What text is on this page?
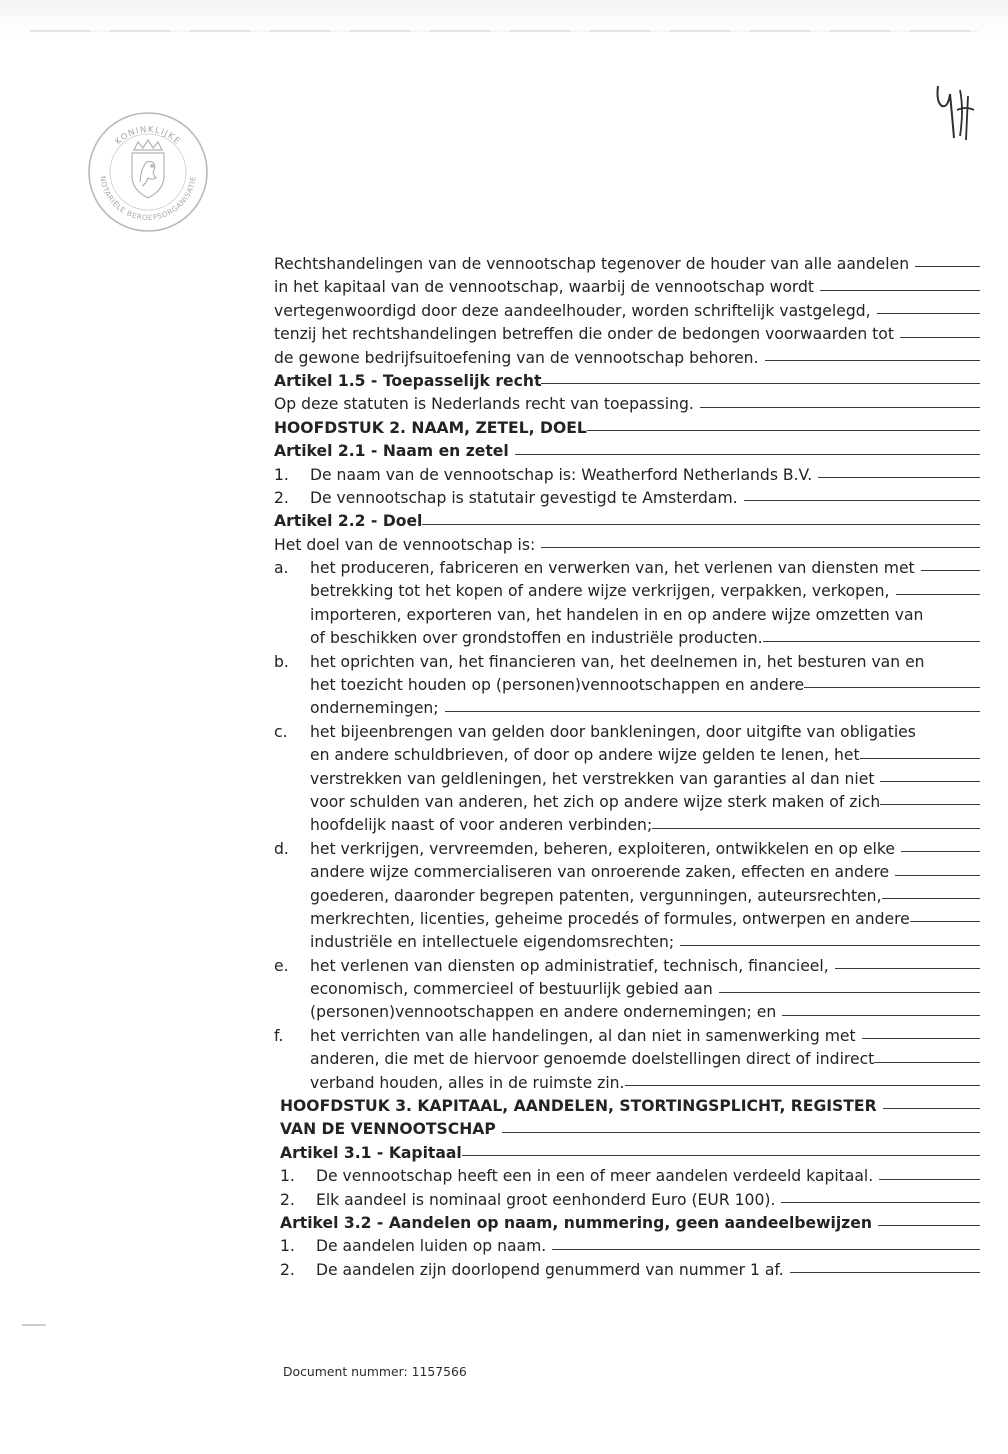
KONINKLIJKE
NOTARIËLE BEROEPSORGANISATIE
Rechtshandelingen van de vennootschap tegenover de houder van alle aandelen
in het kapitaal van de vennootschap, waarbij de vennootschap wordt
vertegenwoordigd door deze aandeelhouder, worden schriftelijk vastgelegd,
tenzij het rechtshandelingen betreffen die onder de bedongen voorwaarden tot
de gewone bedrijfsuitoefening van de vennootschap behoren.
Artikel 1.5 - Toepasselijk recht
Op deze statuten is Nederlands recht van toepassing.
HOOFDSTUK 2. NAAM, ZETEL, DOEL
Artikel 2.1 - Naam en zetel
1.	De naam van de vennootschap is: Weatherford Netherlands B.V.
2.	De vennootschap is statutair gevestigd te Amsterdam.
Artikel 2.2 - Doel
Het doel van de vennootschap is:
a.	het produceren, fabriceren en verwerken van, het verlenen van diensten met
betrekking tot het kopen of andere wijze verkrijgen, verpakken, verkopen,
importeren, exporteren van, het handelen in en op andere wijze omzetten van
of beschikken over grondstoffen en industriële producten.
b.	het oprichten van, het financieren van, het deelnemen in, het besturen van en
het toezicht houden op (personen)vennootschappen en andere
ondernemingen;
c.	het bijeenbrengen van gelden door bankleningen, door uitgifte van obligaties
en andere schuldbrieven, of door op andere wijze gelden te lenen, het
verstrekken van geldleningen, het verstrekken van garanties al dan niet
voor schulden van anderen, het zich op andere wijze sterk maken of zich
hoofdelijk naast of voor anderen verbinden;
d.	het verkrijgen, vervreemden, beheren, exploiteren, ontwikkelen en op elke
andere wijze commercialiseren van onroerende zaken, effecten en andere
goederen, daaronder begrepen patenten, vergunningen, auteursrechten,
merkrechten, licenties, geheime procedés of formules, ontwerpen en andere
industriële en intellectuele eigendomsrechten;
e.	het verlenen van diensten op administratief, technisch, financieel,
economisch, commercieel of bestuurlijk gebied aan
(personen)vennootschappen en andere ondernemingen; en
f.	het verrichten van alle handelingen, al dan niet in samenwerking met
anderen, die met de hiervoor genoemde doelstellingen direct of indirect
verband houden, alles in de ruimste zin.
HOOFDSTUK 3. KAPITAAL, AANDELEN, STORTINGSPLICHT, REGISTER
VAN DE VENNOOTSCHAP
Artikel 3.1 - Kapitaal
1.	De vennootschap heeft een in een of meer aandelen verdeeld kapitaal.
2.	Elk aandeel is nominaal groot eenhonderd Euro (EUR 100).
Artikel 3.2 - Aandelen op naam, nummering, geen aandeelbewijzen
1.	De aandelen luiden op naam.
2.	De aandelen zijn doorlopend genummerd van nummer 1 af.
Document nummer: 1157566
